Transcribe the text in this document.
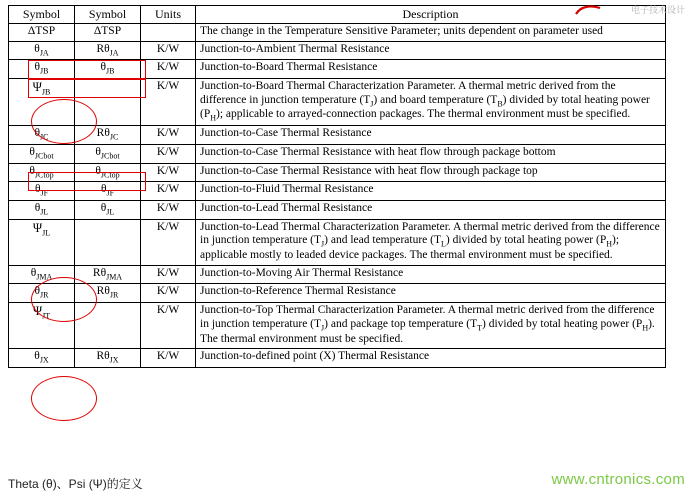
电子技术设计
Symbol	Symbol	Units	Description
ΔTSP	ΔTSP		The change in the Temperature Sensitive Parameter; units dependent on parameter used
$\theta_{JA}$	$R\theta_{JA}$	K/W	Junction-to-Ambient Thermal Resistance
$\theta_{JB}$	$\theta_{JB}$	K/W	Junction-to-Board Thermal Resistance
$\Psi_{JB}$		K/W	Junction-to-Board Thermal Characterization Parameter. A thermal metric derived from the difference in junction temperature $(T_J)$ and board temperature $(T_B)$ divided by total heating power $(P_H)$; applicable to arrayed-connection packages. The thermal environment must be specified.
$\theta_{JC}$	$R\theta_{JC}$	K/W	Junction-to-Case Thermal Resistance
$\theta_{JCbot}$	$\theta_{JCbot}$	K/W	Junction-to-Case Thermal Resistance with heat flow through package bottom
$\theta_{JCtop}$	$\theta_{JCtop}$	K/W	Junction-to-Case Thermal Resistance with heat flow through package top
$\theta_{JF}$	$\theta_{JF}$	K/W	Junction-to-Fluid Thermal Resistance
$\theta_{JL}$	$\theta_{JL}$	K/W	Junction-to-Lead Thermal Resistance
$\Psi_{JL}$		K/W	Junction-to-Lead Thermal Characterization Parameter. A thermal metric derived from the difference in junction temperature $(T_J)$ and lead temperature $(T_L)$ divided by total heating power $(P_H)$; applicable mostly to leaded device packages. The thermal environment must be specified.
$\theta_{JMA}$	$R\theta_{JMA}$	K/W	Junction-to-Moving Air Thermal Resistance
$\theta_{JR}$	$R\theta_{JR}$	K/W	Junction-to-Reference Thermal Resistance
$\Psi_{JT}$		K/W	Junction-to-Top Thermal Characterization Parameter. A thermal metric derived from the difference in junction temperature $(T_J)$ and package top temperature $(T_T)$ divided by total heating power $(P_H)$. The thermal environment must be specified.
$\theta_{JX}$	$R\theta_{JX}$	K/W	Junction-to-defined point (X) Thermal Resistance
Theta (θ)、Psi (Ψ)的定义	www.cntronics.com
